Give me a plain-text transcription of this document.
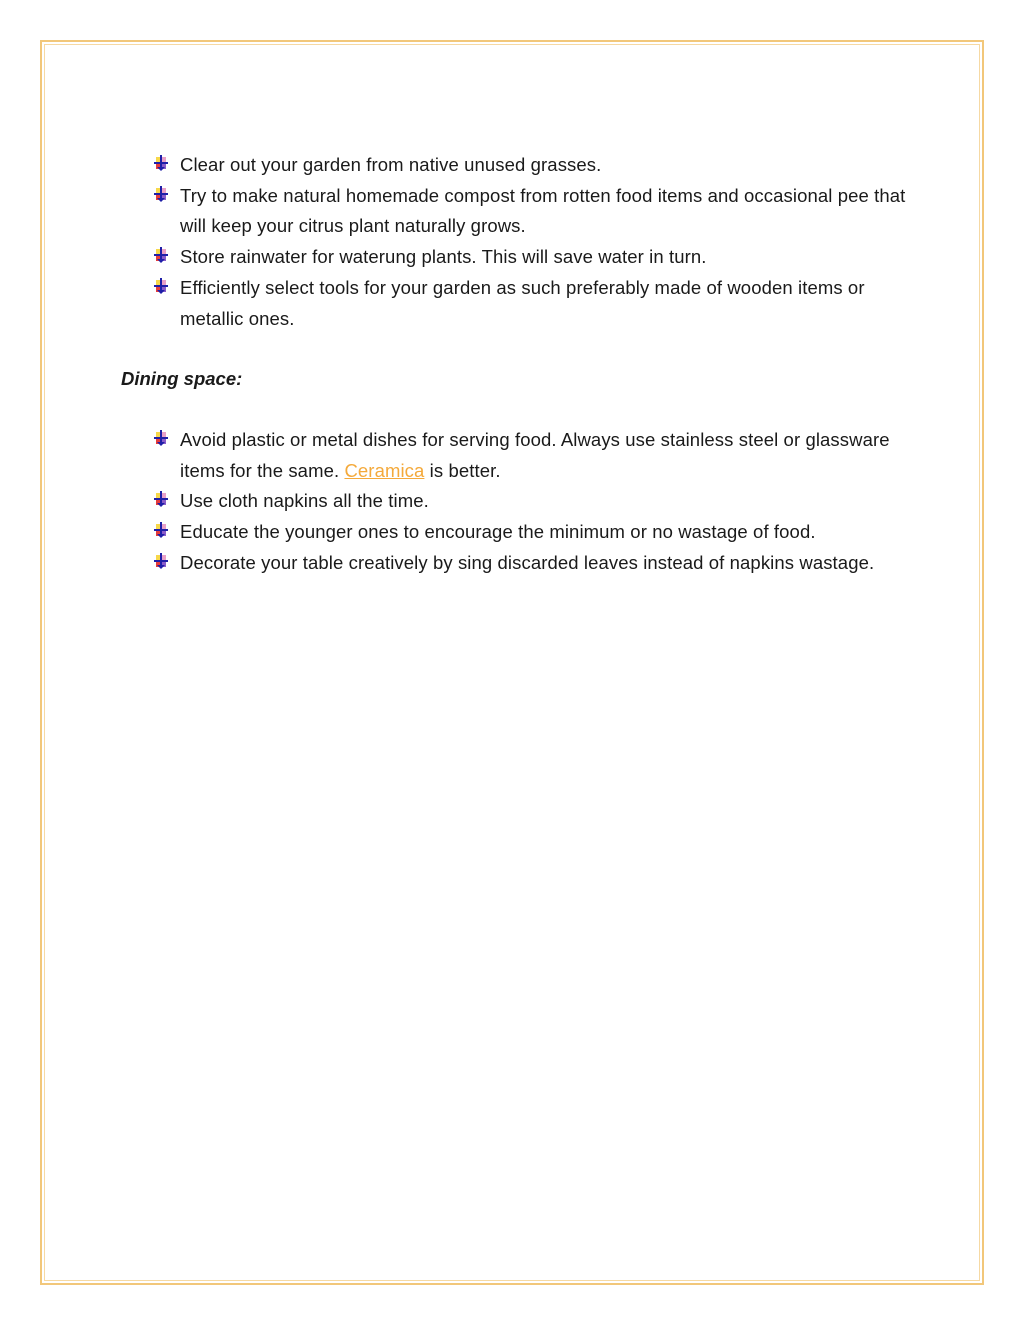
Clear out your garden from native unused grasses.
Try to make natural homemade compost from rotten food items and occasional pee that will keep your citrus plant naturally grows.
Store rainwater for waterung plants. This will save water in turn.
Efficiently select tools for your garden as such preferably made of wooden items or metallic ones.
Dining space:
Avoid plastic or metal dishes for serving food. Always use stainless steel or glassware items for the same. Ceramica is better.
Use cloth napkins all the time.
Educate the younger ones to encourage the minimum or no wastage of food.
Decorate your table creatively by sing discarded leaves instead of napkins wastage.
